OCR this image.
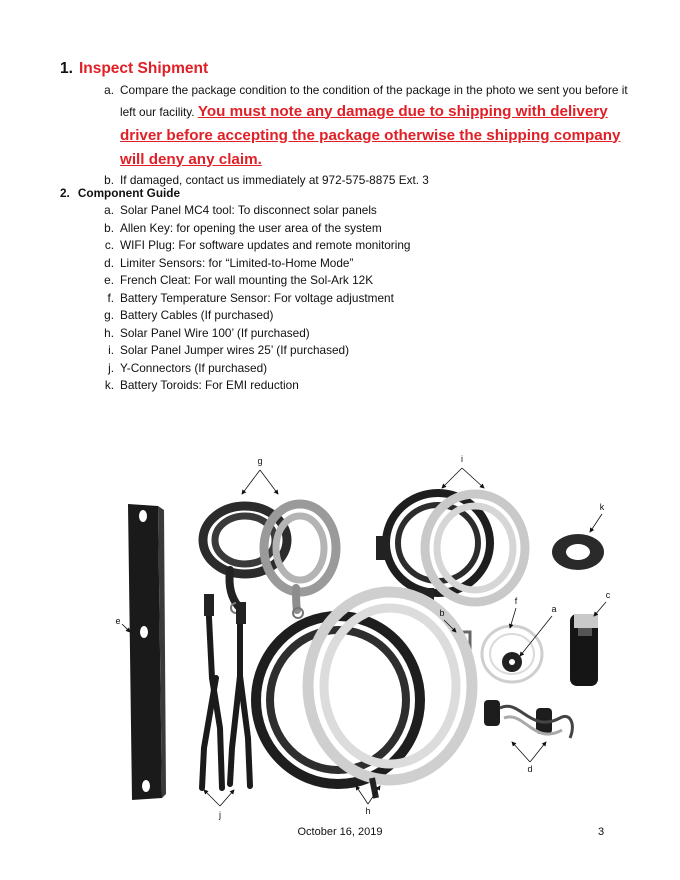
1. Inspect Shipment
a. Compare the package condition to the condition of the package in the photo we sent you before it left our facility. You must note any damage due to shipping with delivery driver before accepting the package otherwise the shipping company will deny any claim.
b. If damaged, contact us immediately at 972-575-8875 Ext. 3
2. Component Guide
a. Solar Panel MC4 tool: To disconnect solar panels
b. Allen Key: for opening the user area of the system
c. WIFI Plug: For software updates and remote monitoring
d. Limiter Sensors: for “Limited-to-Home Mode”
e. French Cleat: For wall mounting the Sol-Ark 12K
f. Battery Temperature Sensor: For voltage adjustment
g. Battery Cables (If purchased)
h. Solar Panel Wire 100’ (If purchased)
i. Solar Panel Jumper wires 25’ (If purchased)
j. Y-Connectors (If purchased)
k. Battery Toroids: For EMI reduction
g	i
k
c
f
a
b
e
d
h
j
October 16, 2019	3
